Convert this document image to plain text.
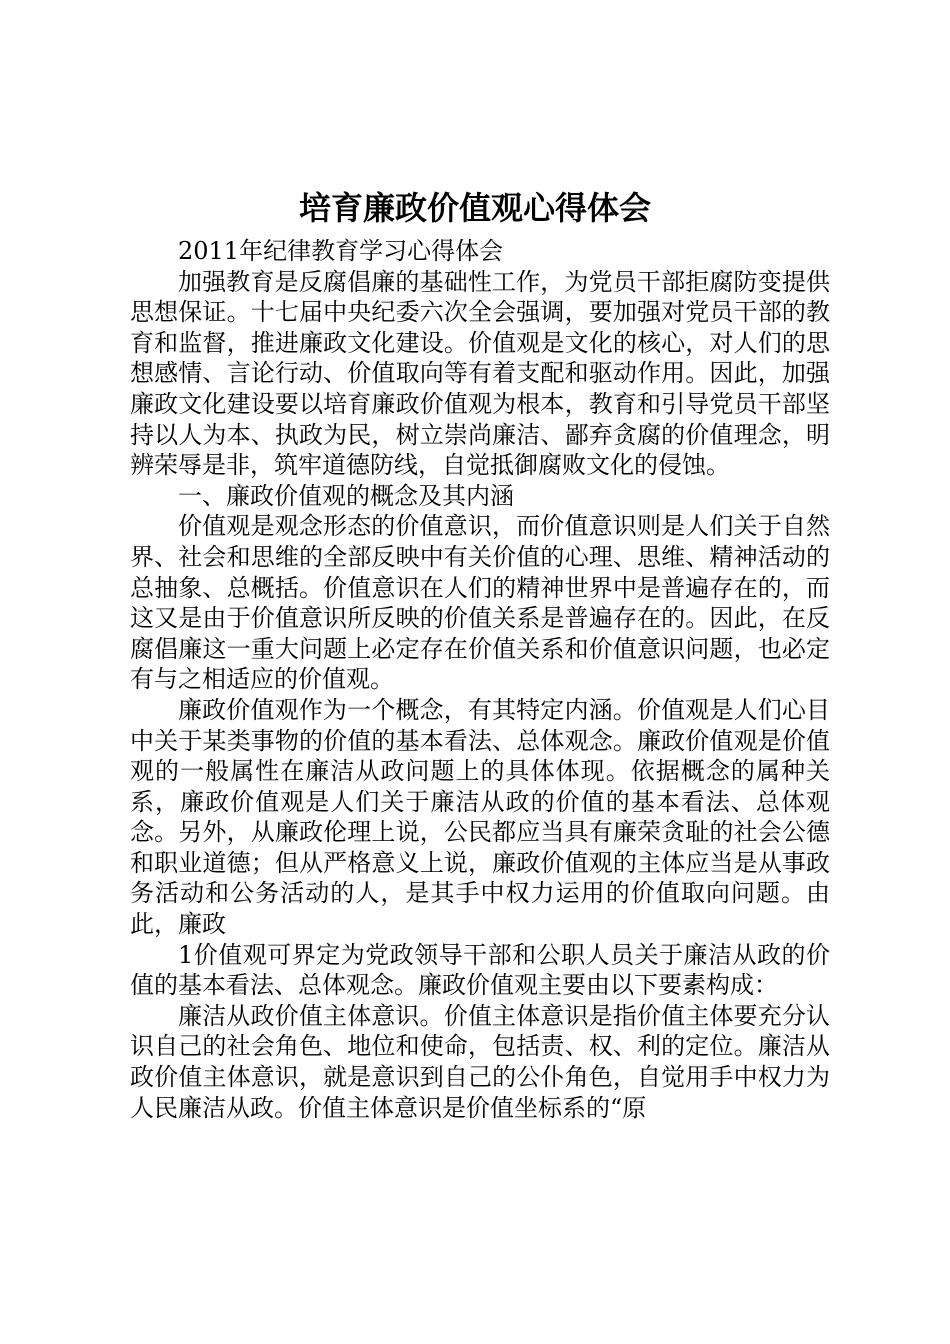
培育廉政价值观心得体会

2011年纪律教育学习心得体会

加强教育是反腐倡廉的基础性工作，为党员干部拒腐防变提供思想保证。十七届中央纪委六次全会强调，要加强对党员干部的教育和监督，推进廉政文化建设。价值观是文化的核心，对人们的思想感情、言论行动、价值取向等有着支配和驱动作用。因此，加强廉政文化建设要以培育廉政价值观为根本，教育和引导党员干部坚持以人为本、执政为民，树立崇尚廉洁、鄙弃贪腐的价值理念，明辨荣辱是非，筑牢道德防线，自觉抵御腐败文化的侵蚀。

一、廉政价值观的概念及其内涵

价值观是观念形态的价值意识，而价值意识则是人们关于自然界、社会和思维的全部反映中有关价值的心理、思维、精神活动的总抽象、总概括。价值意识在人们的精神世界中是普遍存在的，而这又是由于价值意识所反映的价值关系是普遍存在的。因此，在反腐倡廉这一重大问题上必定存在价值关系和价值意识问题，也必定有与之相适应的价值观。

廉政价值观作为一个概念，有其特定内涵。价值观是人们心目中关于某类事物的价值的基本看法、总体观念。廉政价值观是价值观的一般属性在廉洁从政问题上的具体体现。依据概念的属种关系，廉政价值观是人们关于廉洁从政的价值的基本看法、总体观念。另外，从廉政伦理上说，公民都应当具有廉荣贪耻的社会公德和职业道德；但从严格意义上说，廉政价值观的主体应当是从事政务活动和公务活动的人，是其手中权力运用的价值取向问题。由此，廉政

1价值观可界定为党政领导干部和公职人员关于廉洁从政的价值的基本看法、总体观念。廉政价值观主要由以下要素构成：

廉洁从政价值主体意识。价值主体意识是指价值主体要充分认识自己的社会角色、地位和使命，包括责、权、利的定位。廉洁从政价值主体意识，就是意识到自己的公仆角色，自觉用手中权力为人民廉洁从政。价值主体意识是价值坐标系的“原
